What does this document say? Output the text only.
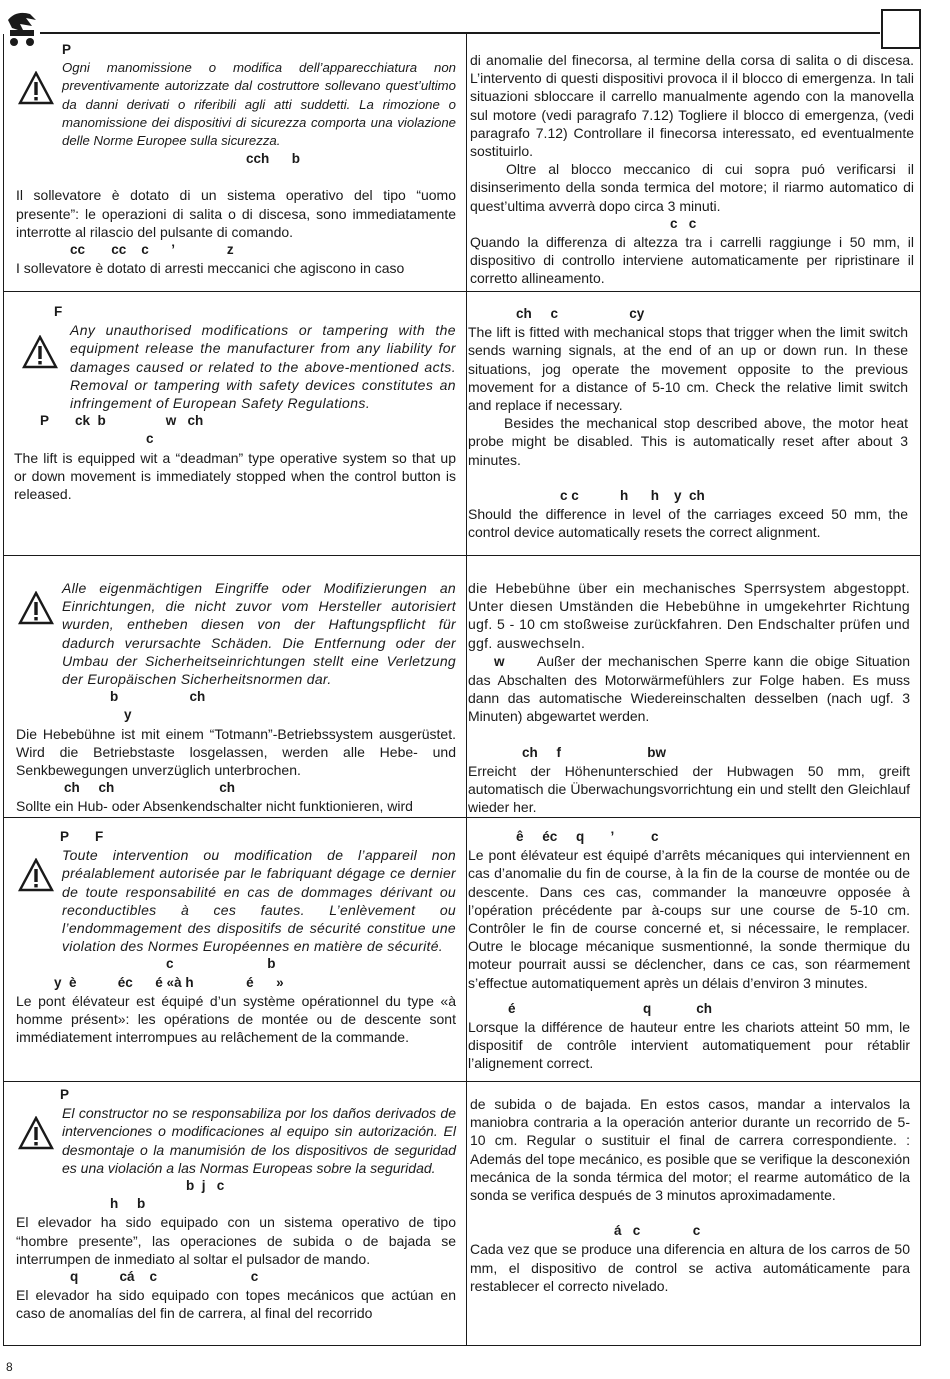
P

Ogni manomissione o modifica dell’apparecchiatura non preventivamente autorizzate dal costruttore sollevano quest’ultimo da danni derivati o riferibili agli atti suddetti. La rimozione o manomissione dei dispositivi di sicurezza comporta una violazione delle Norme Europee sulla sicurezza.

cch      b

Il sollevatore è dotato di un sistema operativo del tipo “uomo presente”: le operazioni di salita o di discesa, sono immediatamente interrotte al rilascio del pulsante di comando.

cc       cc    c      ’              z

I sollevatore è dotato di arresti meccanici che agiscono in caso

di anomalie del finecorsa, al termine della corsa di salita o di discesa. L’intervento di questi dispositivi provoca il il blocco di emergenza. In tali situazioni sbloccare il carrello manualmente agendo con la manovella sul motore (vedi paragrafo 7.12) Togliere il blocco di emergenza, (vedi paragrafo 7.12) Controllare il finecorsa interessato, ed eventualmente sostituirlo.

Oltre al blocco meccanico di cui sopra puó verificarsi il disinserimento della sonda termica del motore; il riarmo automatico di quest’ultima avverrà dopo circa 3 minuti.

c   c

Quando la differenza di altezza tra i carrelli raggiunge i 50 mm, il dispositivo di controllo interviene automaticamente per ripristinare il corretto allineamento.

F

Any unauthorised modifications or tampering with the equipment release the manufacturer from any liability for damages caused or related to the above-mentioned acts. Removal or tampering with safety devices constitutes an infringement of European Safety Regulations.

P       ck  b                w   ch
c

The lift is equipped wit a “deadman” type operative system so that up or down movement is immediately stopped when the control button is released.

ch     c                   cy

The lift is fitted with mechanical stops that trigger when the limit switch sends warning signals, at the end of an up or down run. In these situations, jog operate the movement opposite to the previous movement for a distance of 5-10 cm. Check the relative limit switch and replace if necessary.

Besides the mechanical stop described above, the motor heat probe might be disabled. This is automatically reset after about 3 minutes.

c c           h      h    y  ch

Should the difference in level of the carriages exceed 50 mm, the control device automatically resets the correct alignment.

Alle eigenmächtigen Eingriffe oder Modifizierungen an Einrichtungen, die nicht zuvor vom Hersteller autorisiert wurden, entheben diesen von der Haftungspflicht für dadurch verursachte Schäden. Die Entfernung oder der Umbau der Sicherheitseinrichtungen stellt eine Verletzung der Europäischen Sicherheitsnormen dar.

b                   ch
y

Die Hebebühne ist mit einem “Totmann”-Betriebssystem ausgerüstet. Wird die Betriebstaste losgelassen, werden alle Hebe- und Senkbewegungen unverzüglich unterbrochen.

ch     ch                            ch

Sollte ein Hub- oder Absenkendschalter nicht funktionieren, wird

die Hebebühne über ein mechanisches Sperrsystem abgestoppt. Unter diesen Umständen die Hebebühne in umgekehrter Richtung ugf. 5 - 10 cm stoßweise zurückfahren. Den Endschalter prüfen und ggf. auswechseln.

w Außer der mechanischen Sperre kann die obige Situation das Abschalten des Motorwärmefühlers zur Folge haben. Es muss dann das automatische Wiedereinschalten desselben (nach ugf. 3 Minuten) abgewartet werden.
ch     f                       bw

Erreicht der Höhenunterschied der Hubwagen 50 mm, greift automatisch die Überwachungsvorrichtung ein und stellt den Gleichlauf wieder her.

P       F

Toute intervention ou modification de l’appareil non préalablement autorisée par le fabriquant dégage ce dernier de toute responsabilité en cas de dommages dérivant ou reconductibles à ces fautes. L’enlèvement ou l’endommagement des dispositifs de sécurité constitue une violation des Normes Européennes en matière de sécurité.

c                         b
y  è           éc      é «à h              é      »

Le pont élévateur est équipé d’un système opérationnel du type «à homme présent»: les opérations de montée ou de descente sont immédiatement interrompues au relâchement de la commande.

ê     éc     q       ’          c

Le pont élévateur est équipé d’arrêts mécaniques qui interviennent en cas d’anomalie du fin de course, à la fin de la course de montée ou de descente. Dans ces cas, commander la manœuvre opposée à l’opération précédente par à-coups sur une course de 5-10 cm. Contrôler le fin de course concerné et, si nécessaire, le remplacer. Outre le blocage mécanique susmentionné, la sonde thermique du moteur pourrait aussi se déclencher, dans ce cas, son réarmement s’effectue automatiquement après un délais d’environ 3 minutes.

é                                  q            ch

Lorsque la différence de hauteur entre les chariots atteint 50 mm, le dispositif de contrôle intervient automatiquement pour rétablir l’alignement correct.

P

El constructor no se responsabiliza por los daños derivados de intervenciones o modificaciones al equipo sin autorización. El desmontaje o la manumisión de los dispositivos de seguridad es una violación a las Normas Europeas sobre la seguridad.

b  j   c
h     b

El elevador ha sido equipado con un sistema operativo de tipo “hombre presente”, las operaciones de subida o de bajada se interrumpen de inmediato al soltar el pulsador de mando.

q           cá    c                         c

El elevador ha sido equipado con topes mecánicos que actúan en caso de anomalías del fin de carrera, al final del recorrido

de subida o de bajada. En estos casos, mandar a intervalos la maniobra contraria a la operación anterior durante un recorrido de 5-10 cm. Regular o sustituir el final de carrera correspondiente. : Además del tope mecánico, es posible que se verifique la desconexión mecánica de la sonda térmica del motor; el rearme automático de la sonda se verifica después de 3 minutos aproximadamente.

á   c              c

Cada vez que se produce una diferencia en altura de los carros de 50 mm, el dispositivo de control se activa automáticamente para restablecer el correcto nivelado.

8
